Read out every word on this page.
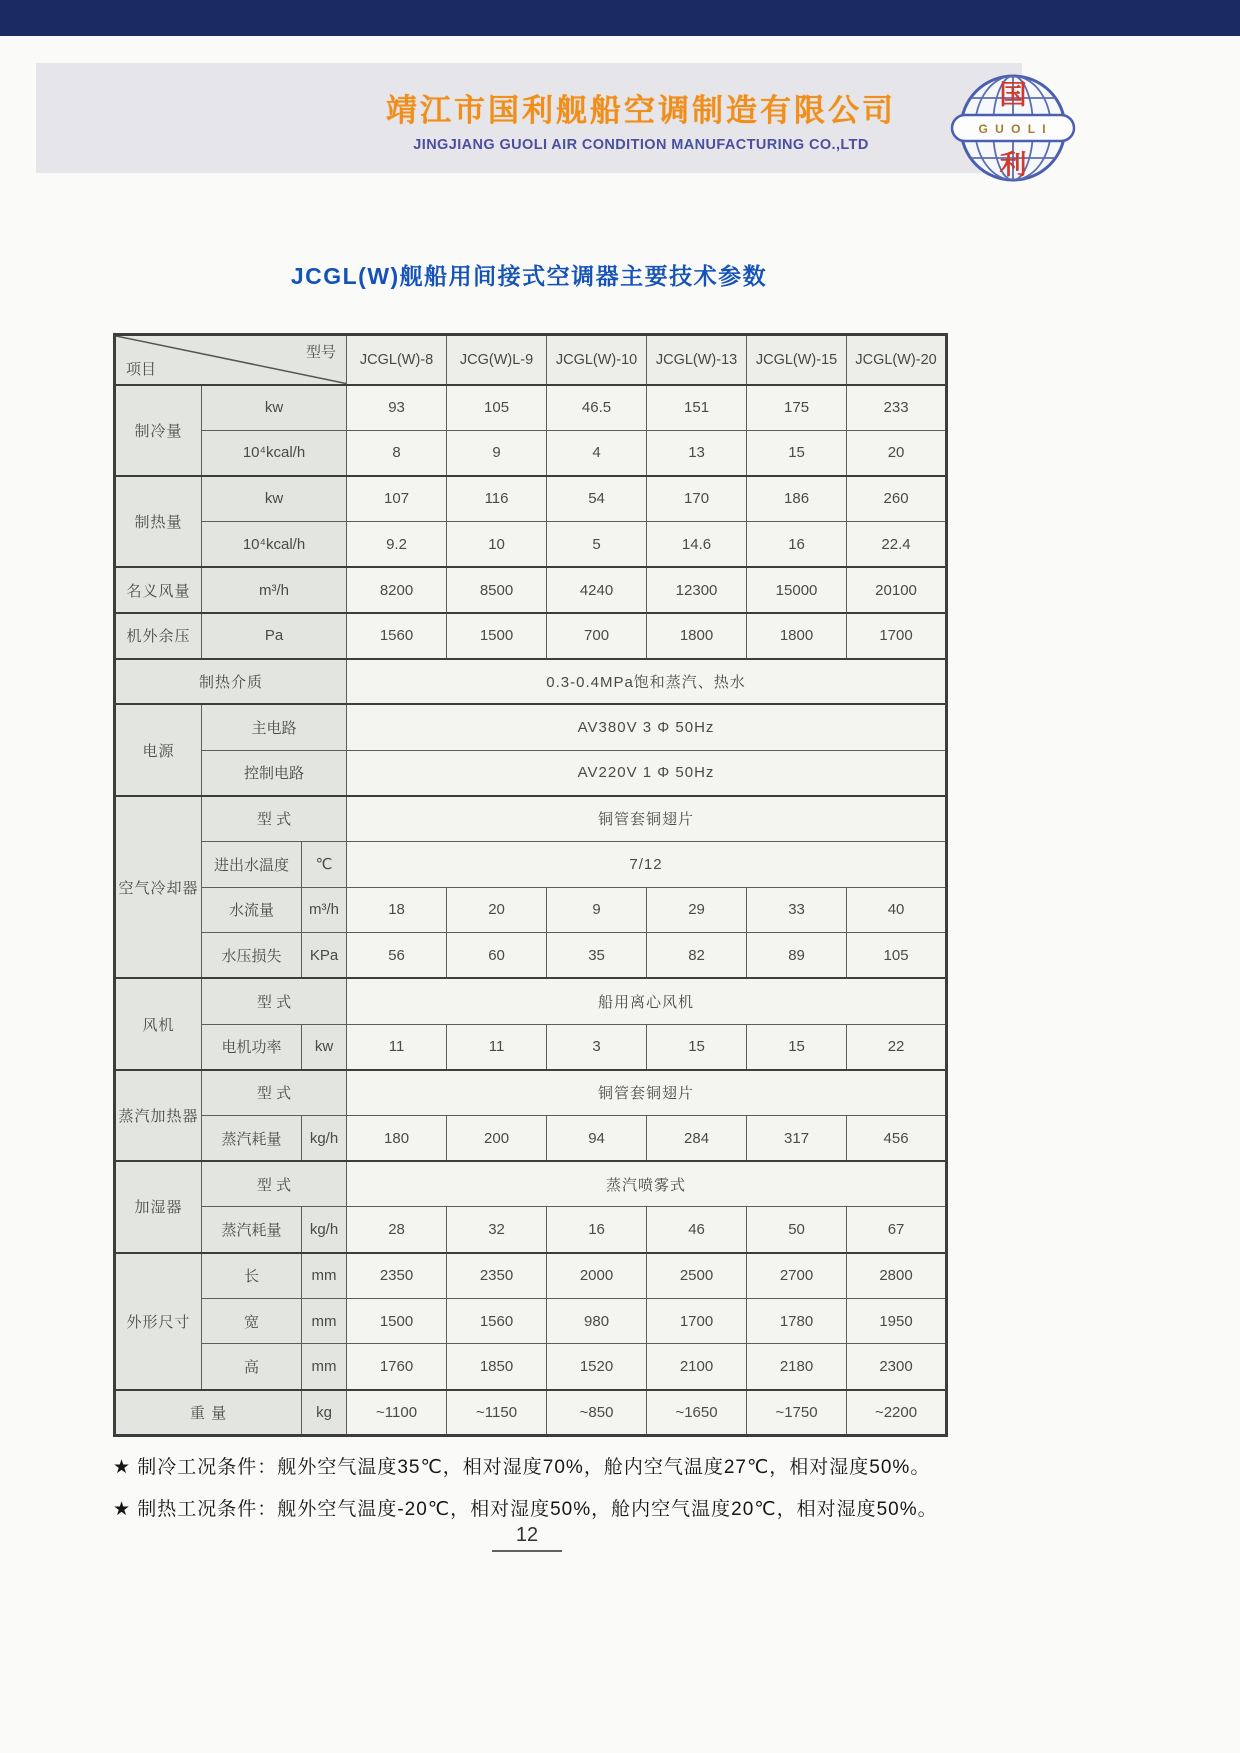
靖江市国利舰船空调制造有限公司
JINGJIANG GUOLI AIR CONDITION MANUFACTURING CO.,LTD
国
G U O L I
利
JCGL(W)舰船用间接式空调器主要技术参数
型号
项目			JCGL(W)-8	JCG(W)L-9	JCGL(W)-10	JCGL(W)-13	JCGL(W)-15	JCGL(W)-20
制冷量	kw		93	105	46.5	151	175	233
	10⁴kcal/h		8	9	4	13	15	20
制热量	kw		107	116	54	170	186	260
	10⁴kcal/h		9.2	10	5	14.6	16	22.4
名义风量	m³/h		8200	8500	4240	12300	15000	20100
机外余压	Pa		1560	1500	700	1800	1800	1700
制热介质			0.3-0.4MPa饱和蒸汽、热水					
电源	主电路		AV380V 3 Φ 50Hz					
	控制电路		AV220V 1 Φ 50Hz					
空气冷却器	型 式		铜管套铜翅片					
	进出水温度	℃	7/12					
	水流量	m³/h	18	20	9	29	33	40
	水压损失	KPa	56	60	35	82	89	105
风机	型 式		船用离心风机					
	电机功率	kw	11	11	3	15	15	22
蒸汽加热器	型 式		铜管套铜翅片					
	蒸汽耗量	kg/h	180	200	94	284	317	456
加湿器	型 式		蒸汽喷雾式					
	蒸汽耗量	kg/h	28	32	16	46	50	67
外形尺寸	长	mm	2350	2350	2000	2500	2700	2800
	宽	mm	1500	1560	980	1700	1780	1950
	高	mm	1760	1850	1520	2100	2180	2300
重 量		kg	~1100	~1150	~850	~1650	~1750	~2200
★ 制冷工况条件：舰外空气温度35℃，相对湿度70%，舱内空气温度27℃，相对湿度50%。
★ 制热工况条件：舰外空气温度-20℃，相对湿度50%，舱内空气温度20℃，相对湿度50%。
12
